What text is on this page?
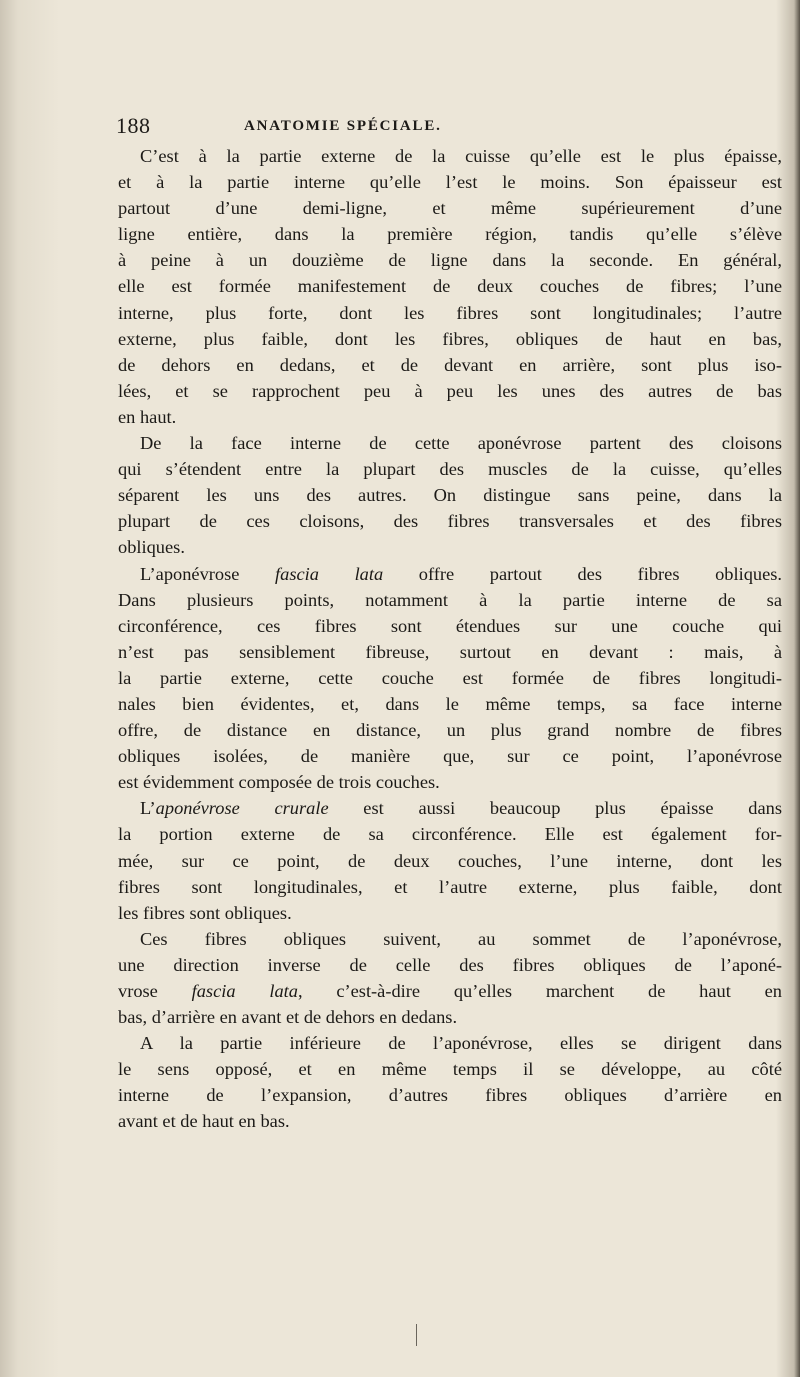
188	ANATOMIE SPÉCIALE.
C’est à la partie externe de la cuisse qu’elle est le plus épaisse,
et à la partie interne qu’elle l’est le moins. Son épaisseur est
partout d’une demi-ligne, et même supérieurement d’une
ligne entière, dans la première région, tandis qu’elle s’élève
à peine à un douzième de ligne dans la seconde. En général,
elle est formée manifestement de deux couches de fibres; l’une
interne, plus forte, dont les fibres sont longitudinales; l’autre
externe, plus faible, dont les fibres, obliques de haut en bas,
de dehors en dedans, et de devant en arrière, sont plus iso-
lées, et se rapprochent peu à peu les unes des autres de bas
en haut.
De la face interne de cette aponévrose partent des cloisons
qui s’étendent entre la plupart des muscles de la cuisse, qu’elles
séparent les uns des autres. On distingue sans peine, dans la
plupart de ces cloisons, des fibres transversales et des fibres
obliques.
L’aponévrose fascia lata offre partout des fibres obliques.
Dans plusieurs points, notamment à la partie interne de sa
circonférence, ces fibres sont étendues sur une couche qui
n’est pas sensiblement fibreuse, surtout en devant : mais, à
la partie externe, cette couche est formée de fibres longitudi-
nales bien évidentes, et, dans le même temps, sa face interne
offre, de distance en distance, un plus grand nombre de fibres
obliques isolées, de manière que, sur ce point, l’aponévrose
est évidemment composée de trois couches.
L’aponévrose crurale est aussi beaucoup plus épaisse dans
la portion externe de sa circonférence. Elle est également for-
mée, sur ce point, de deux couches, l’une interne, dont les
fibres sont longitudinales, et l’autre externe, plus faible, dont
les fibres sont obliques.
Ces fibres obliques suivent, au sommet de l’aponévrose,
une direction inverse de celle des fibres obliques de l’aponé-
vrose fascia lata, c’est-à-dire qu’elles marchent de haut en
bas, d’arrière en avant et de dehors en dedans.
A la partie inférieure de l’aponévrose, elles se dirigent dans
le sens opposé, et en même temps il se développe, au côté
interne de l’expansion, d’autres fibres obliques d’arrière en
avant et de haut en bas.
